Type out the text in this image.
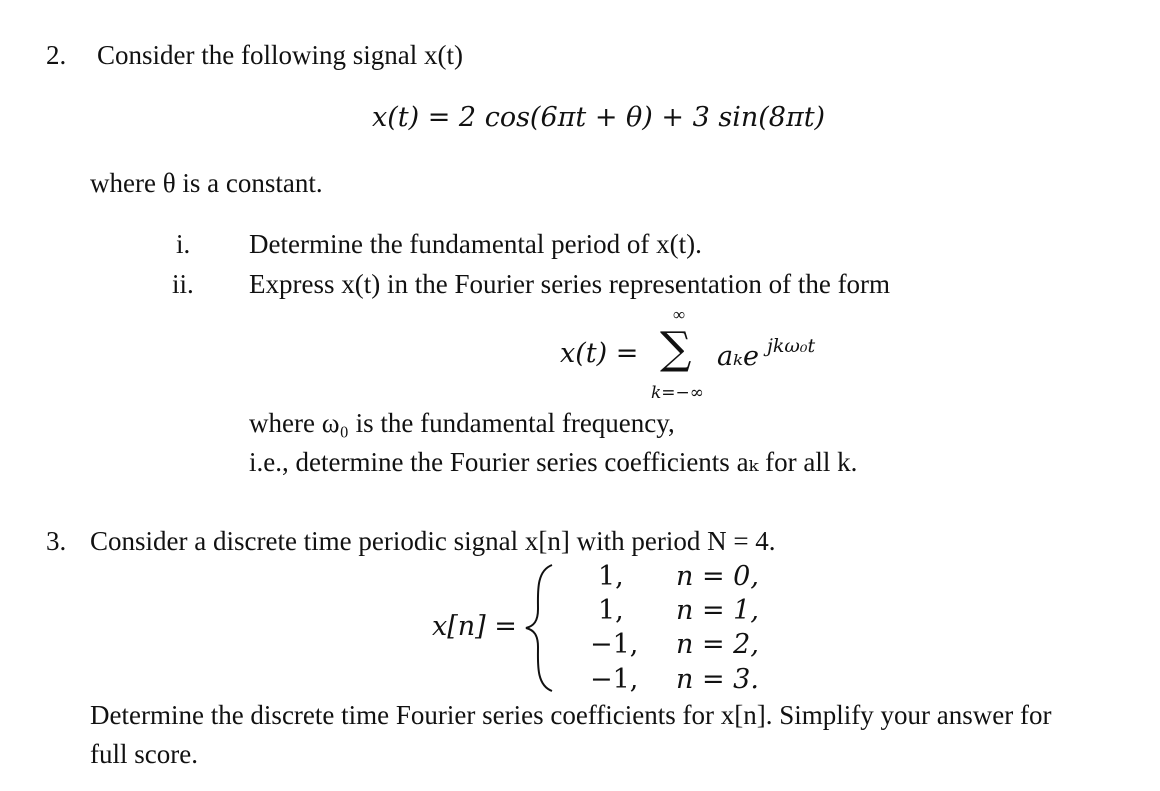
2. Consider the following signal x(t)
x(t) = 2 cos(6πt + θ) + 3 sin(8πt)
where θ is a constant.
i. Determine the fundamental period of x(t).
ii. Express x(t) in the Fourier series representation of the form
x(t) =
∞
∑
k=−∞
aₖe jkω₀t
where ω₀ is the fundamental frequency,
i.e., determine the Fourier series coefficients aₖ for all k.
3. Consider a discrete time periodic signal x[n] with period N = 4.
x[n] =
1, n = 0,
1, n = 1,
−1, n = 2,
−1, n = 3.
Determine the discrete time Fourier series coefficients for x[n]. Simplify your answer for
full score.
